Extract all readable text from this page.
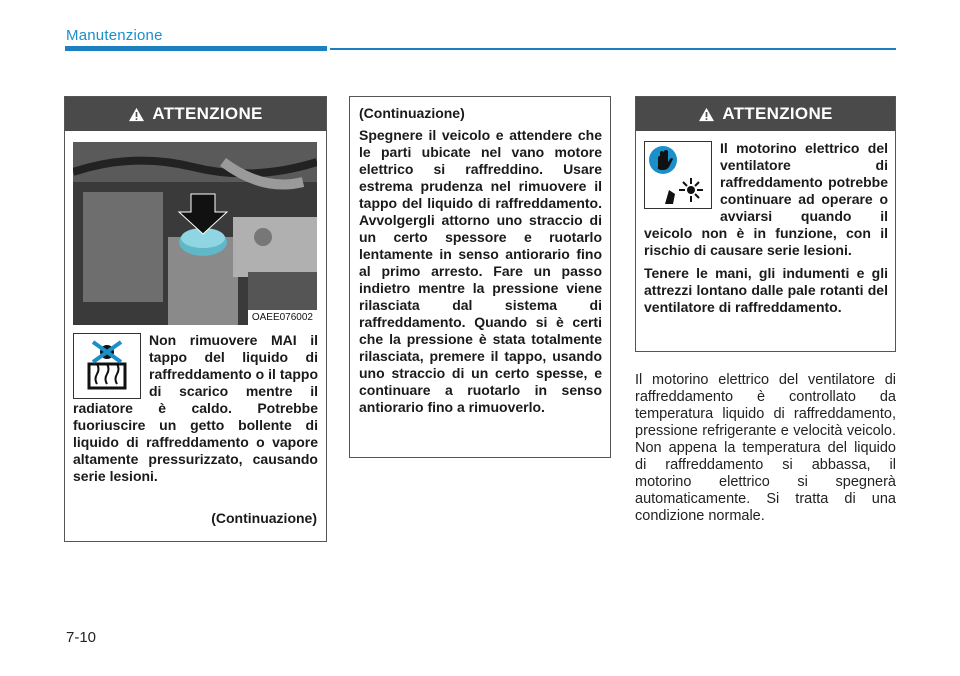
Manutenzione
ATTENZIONE
OAEE076002
Non rimuovere MAI il tappo del liquido di raffreddamento o il tappo di scarico mentre il radiatore è caldo. Potrebbe fuoriuscire un getto bollente di liquido di raffreddamento o vapore altamente pressurizzato, causando serie lesioni.
(Continuazione)

(Continuazione)

Spegnere il veicolo e attendere che le parti ubicate nel vano motore elettrico si raffreddino. Usare estrema prudenza nel rimuovere il tappo del liquido di raffreddamento. Avvolgergli attorno uno straccio di un certo spessore e ruotarlo lentamente in senso antiorario fino al primo arresto. Fare un passo indietro mentre la pressione viene rilasciata dal sistema di raffreddamento. Quando si è certi che la pressione è stata totalmente rilasciata, premere il tappo, usando uno straccio di un certo spesse, e continuare a ruotarlo in senso antiorario fino a rimuoverlo.

ATTENZIONE

Il motorino elettrico del ventilatore di raffreddamento potrebbe continuare ad operare o avviarsi quando il veicolo non è in funzione, con il rischio di causare serie lesioni.

Tenere le mani, gli indumenti e gli attrezzi lontano dalle pale rotanti del ventilatore di raffreddamento.

Il motorino elettrico del ventilatore di raffreddamento è controllato da temperatura liquido di raffreddamento, pressione refrigerante e velocità veicolo. Non appena la temperatura del liquido di raffreddamento si abbassa, il motorino elettrico si spegnerà automaticamente. Si tratta di una condizione normale.
7-10
